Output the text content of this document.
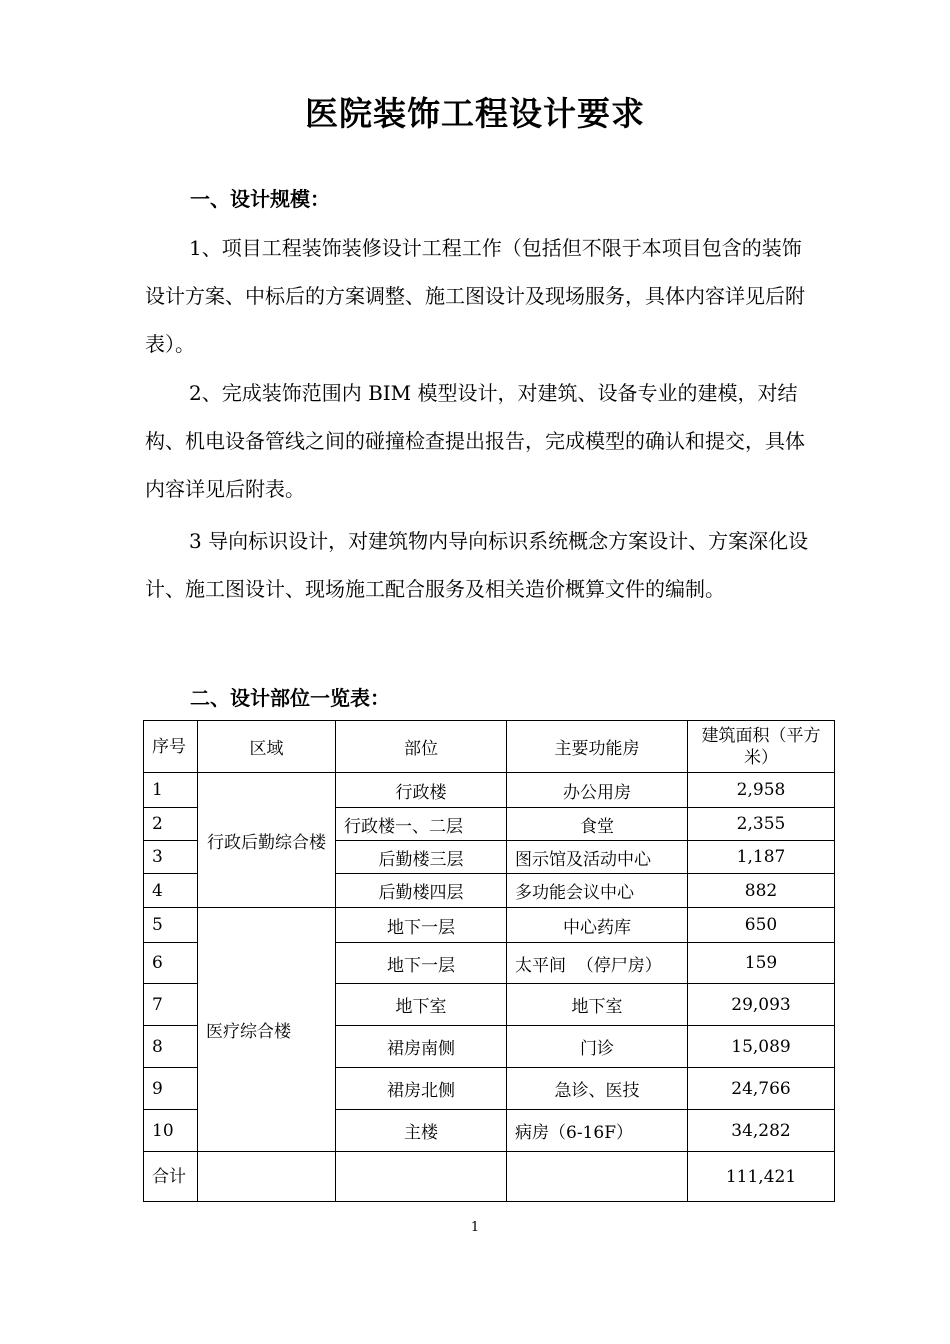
医院装饰工程设计要求
一、设计规模：
1、项目工程装饰装修设计工程工作（包括但不限于本项目包含的装饰设计方案、中标后的方案调整、施工图设计及现场服务，具体内容详见后附表）。
2、完成装饰范围内 BIM 模型设计，对建筑、设备专业的建模，对结构、机电设备管线之间的碰撞检查提出报告，完成模型的确认和提交，具体内容详见后附表。
3 导向标识设计，对建筑物内导向标识系统概念方案设计、方案深化设计、施工图设计、现场施工配合服务及相关造价概算文件的编制。
二、设计部位一览表：
序号	区域	部位	主要功能房	建筑面积（平方米）
1	行政后勤综合楼	行政楼	办公用房	2,958
2		行政楼一、二层	食堂	2,355
3		后勤楼三层	图示馆及活动中心	1,187
4		后勤楼四层	多功能会议中心	882
5	医疗综合楼	地下一层	中心药库	650
6		地下一层	太平间  （停尸房）	159
7		地下室	地下室	29,093
8		裙房南侧	门诊	15,089
9		裙房北侧	急诊、医技	24,766
10		主楼	病房（6-16F）	34,282
合计				111,421
1
